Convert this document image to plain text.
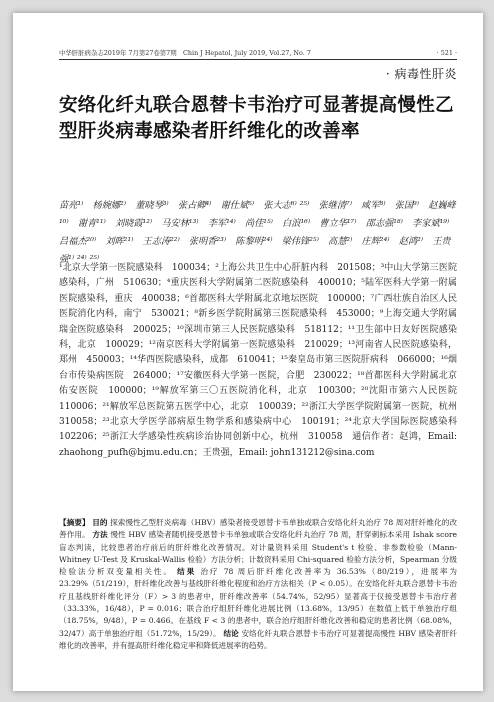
中华肝脏病杂志2019年 7月第27卷第7期　Chin J Hepatol, July 2019, Vol.27, No. 7	· 521 ·
· 病毒性肝炎
安络化纤丸联合恩替卡韦治疗可显著提高慢性乙型肝炎病毒感染者肝纤维化的改善率
苗亮¹⁾　杨婉娜²⁾　董晓琴³⁾　张占卿⁴⁾　谢仕斌⁵⁾　张大志⁶⁾ ²⁵⁾　张继清⁷⁾　咸军⁸⁾　张国⁹⁾　赵巍峰¹⁰⁾　谢青¹¹⁾　刘晓霞¹²⁾　马安林¹³⁾　李军¹⁴⁾　尚佳¹⁵⁾　白浪¹⁶⁾　曹立华¹⁷⁾　邵志强¹⁸⁾　李家斌¹⁹⁾　吕福杰²⁰⁾　刘晖²¹⁾　王志涛²²⁾　张明香²³⁾　陈黎明²⁴⁾　梁伟锋²⁵⁾　高慧²⁾　庄辉²⁴⁾　赵鸿²⁾　王贵强¹⁾ ²⁴⁾ ²⁵⁾
¹北京大学第一医院感染科　100034；²上海公共卫生中心肝脏内科　201508；³中山大学第三医院感染科，广州　510630；⁴重庆医科大学附属第二医院感染科　400010；⁵陆军医科大学第一附属医院感染科，重庆　400038；⁶首都医科大学附属北京地坛医院　100000；⁷广西壮族自治区人民医院消化内科，南宁　530021；⁸新乡医学院附属第三医院感染科　453000；⁹上海交通大学附属瑞金医院感染科　200025；¹⁰深圳市第三人民医院感染科　518112；¹¹卫生部中日友好医院感染科，北京　100029；¹²南京医科大学附属第一医院感染科　210029；¹³河南省人民医院感染科，郑州　450003；¹⁴华西医院感染科，成都　610041；¹⁵秦皇岛市第三医院肝病科　066000；¹⁶烟台市传染病医院　264000；¹⁷安徽医科大学第一医院，合肥　230022；¹⁸首都医科大学附属北京佑安医院　100000；¹⁹解放军第三〇五医院消化科，北京　100300；²⁰沈阳市第六人民医院　110006；²¹解放军总医院第五医学中心，北京　100039；²²浙江大学医学院附属第一医院，杭州　310058；²³北京大学医学部病原生物学系和感染病中心　100191；²⁴北京大学国际医院感染科　102206；²⁵浙江大学感染性疾病诊治协同创新中心，杭州　310058　通信作者：赵鸿，Email: zhaohong_pufh@bjmu.edu.cn；王贵强，Email: john131212@sina.com
【摘要】 目的 探索慢性乙型肝炎病毒（HBV）感染者接受恩替卡韦单独或联合安络化纤丸治疗 78 周对肝纤维化的改善作用。 方法 慢性 HBV 感染者随机接受恩替卡韦单独或联合安络化纤丸治疗 78 周，肝穿刺标本采用 Ishak score 盲态判读，比较患者治疗前后的肝纤维化改善情况。对计量资料采用 Student's t 检验、非参数检验（Mann-Whitney U-Test 及 Kruskal-Wallis 检验）方法分析；计数资料采用 Chi-squared 检验方法分析，Spearman 分级检验法分析双变量相关性。 结果 治疗 78 周后肝纤维化改善率为 36.53%（80/219），进展率为 23.29%（51/219），肝纤维化改善与基线肝纤维化程度和治疗方法相关（P < 0.05）。在安络化纤丸联合恩替卡韦治疗且基线肝纤维化评分（F）> 3 的患者中，肝纤维改善率（54.74%，52/95）显著高于仅接受恩替卡韦治疗者（33.33%，16/48），P = 0.016；联合治疗组肝纤维化进展比例（13.68%，13/95）在数值上低于单独治疗组（18.75%，9/48），P = 0.466。在基线 F < 3 的患者中，联合治疗组肝纤维化改善和稳定的患者比例（68.08%，32/47）高于单独治疗组（51.72%，15/29）。 结论 安络化纤丸联合恩替卡韦治疗可显著提高慢性 HBV 感染者肝纤维化的改善率，并有提高肝纤维化稳定率和降低进展率的趋势。
